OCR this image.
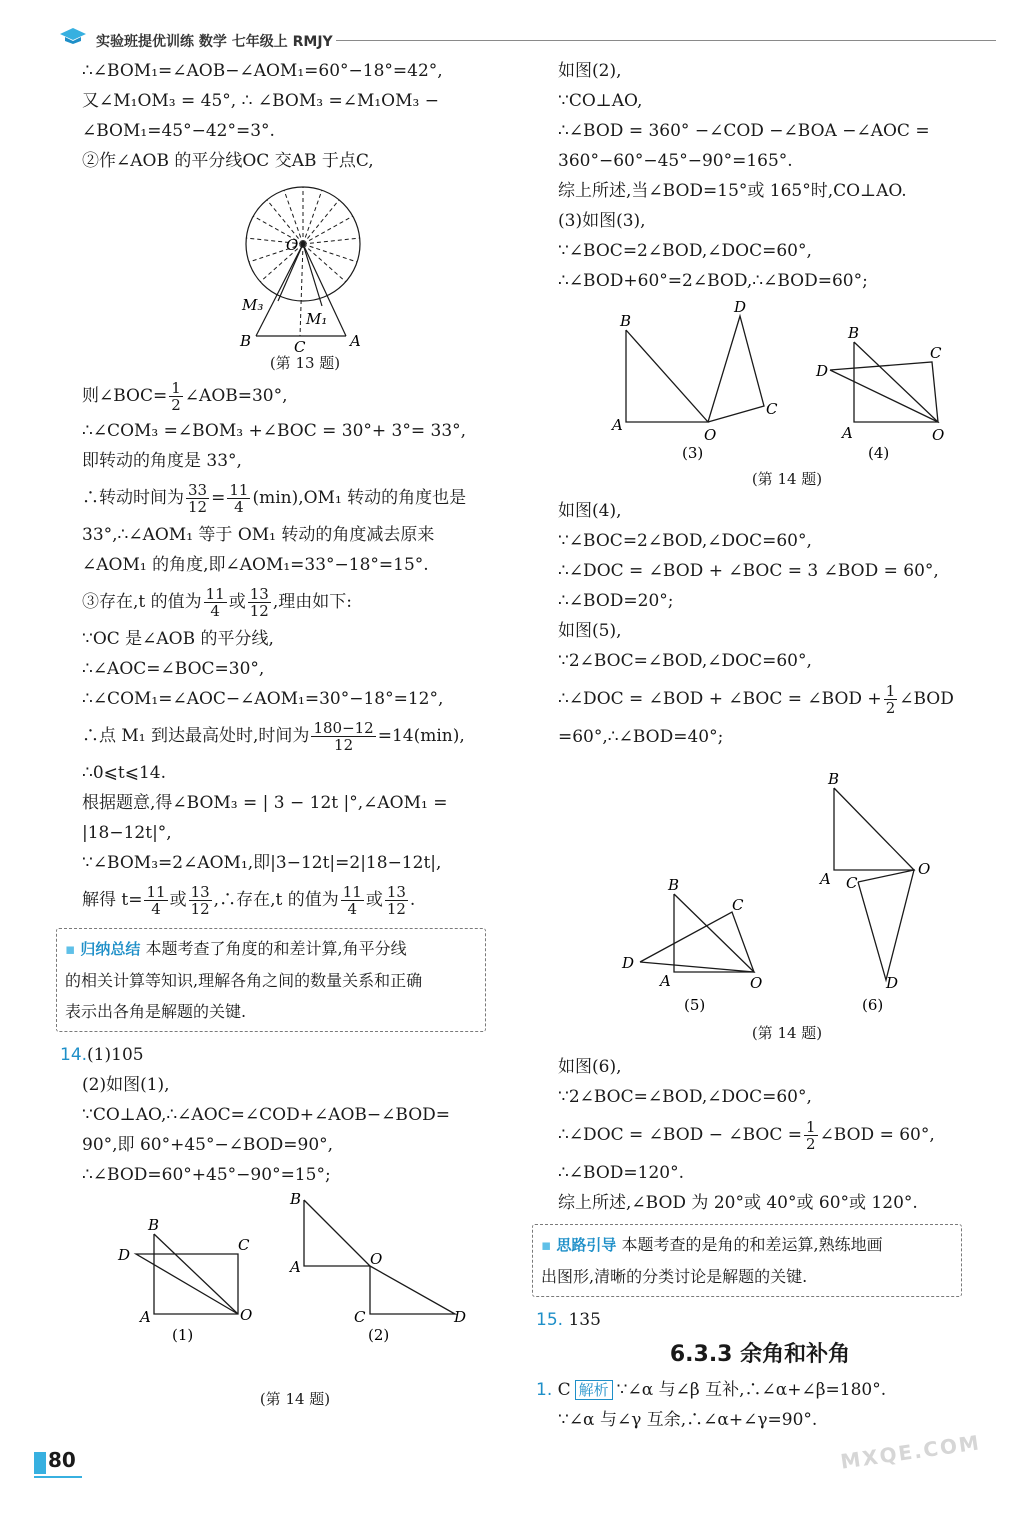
实验班提优训练 数学 七年级上 RMJY
∴∠BOM₁=∠AOB−∠AOM₁=60°−18°=42°,
又∠M₁OM₃ = 45°, ∴ ∠BOM₃ =∠M₁OM₃ −
∠BOM₁=45°−42°=3°.
②作∠AOB 的平分线OC 交AB 于点C,
O
M₃
M₁
B	C	A
(第 13 题)
则∠BOC= $\frac{1}{2}$ ∠AOB=30°,
∴∠COM₃ =∠BOM₃ +∠BOC = 30°+ 3°= 33°,
即转动的角度是 33°,
∴转动时间为 $\frac{33}{12} = \frac{11}{4} (\min),OM_1$ 转动的角度也是
33°,∴∠AOM₁ 等于 OM₁ 转动的角度减去原来
∠AOM₁ 的角度,即∠AOM₁=33°−18°=15°.
③存在,t 的值为 $\frac{11}{4}$ 或 $\frac{13}{12}$ ,理由如下:
∵OC 是∠AOB 的平分线,
∴∠AOC=∠BOC=30°,
∴∠COM₁=∠AOC−∠AOM₁=30°−18°=12°,
∴点 M₁ 到达最高处时,时间为 $\frac{180-12}{12} =14(\min)$,
∴0⩽t⩽14.
根据题意,得∠BOM₃ = | 3 − 12t |°,∠AOM₁ =
|18−12t|°,
∵∠BOM₃=2∠AOM₁,即|3−12t|=2|18−12t|,
解得 $t= \frac{11}{4}$ 或 $\frac{13}{12}$ ,∴存在,t 的值为 $\frac{11}{4}$ 或 $\frac{13}{12}$ .
▪ 归纳总结 本题考查了角度的和差计算,角平分线
的相关计算等知识,理解各角之间的数量关系和正确
表示出各角是解题的关键.
14.(1)105
(2)如图(1),
∵CO⊥AO,∴∠AOC=∠COD+∠AOB−∠BOD=
90°,即 60°+45°−∠BOD=90°,
∴∠BOD=60°+45°−90°=15°;
B
C
D
A	O
B
A	O
C	D
(1)	(2)
(第 14 题)
如图(2),
∵CO⊥AO,
∴∠BOD = 360° −∠COD −∠BOA −∠AOC =
360°−60°−45°−90°=165°.
综上所述,当∠BOD=15°或 165°时,CO⊥AO.
(3)如图(3),
∵∠BOC=2∠BOD,∠DOC=60°,
∴∠BOD+60°=2∠BOD,∴∠BOD=60°;
B
A
O
D
C
B
D
C
A	O
(3)	(4)
(第 14 题)
如图(4),
∵∠BOC=2∠BOD,∠DOC=60°,
∴∠DOC = ∠BOD + ∠BOC = 3 ∠BOD = 60°,
∴∠BOD=20°;
如图(5),
∵2∠BOC=∠BOD,∠DOC=60°,
∴∠DOC = ∠BOD + ∠BOC = ∠BOD + $\frac{1}{2}$ ∠BOD
=60°,∴∠BOD=40°;
B
C
D
A	O
B
A C
O
D
(5)	(6)
(第 14 题)
如图(6),
∵2∠BOC=∠BOD,∠DOC=60°,
∴∠DOC = ∠BOD − ∠BOC = $\frac{1}{2}$ ∠BOD = 60°,
∴∠BOD=120°.
综上所述,∠BOD 为 20°或 40°或 60°或 120°.
▪ 思路引导 本题考查的是角的和差运算,熟练地画
出图形,清晰的分类讨论是解题的关键.
15. 135
6.3.3 余角和补角
1. C 解析 ∵∠α 与∠β 互补,∴∠α+∠β=180°.
∵∠α 与∠γ 互余,∴∠α+∠γ=90°.
80	MXQE.COM
